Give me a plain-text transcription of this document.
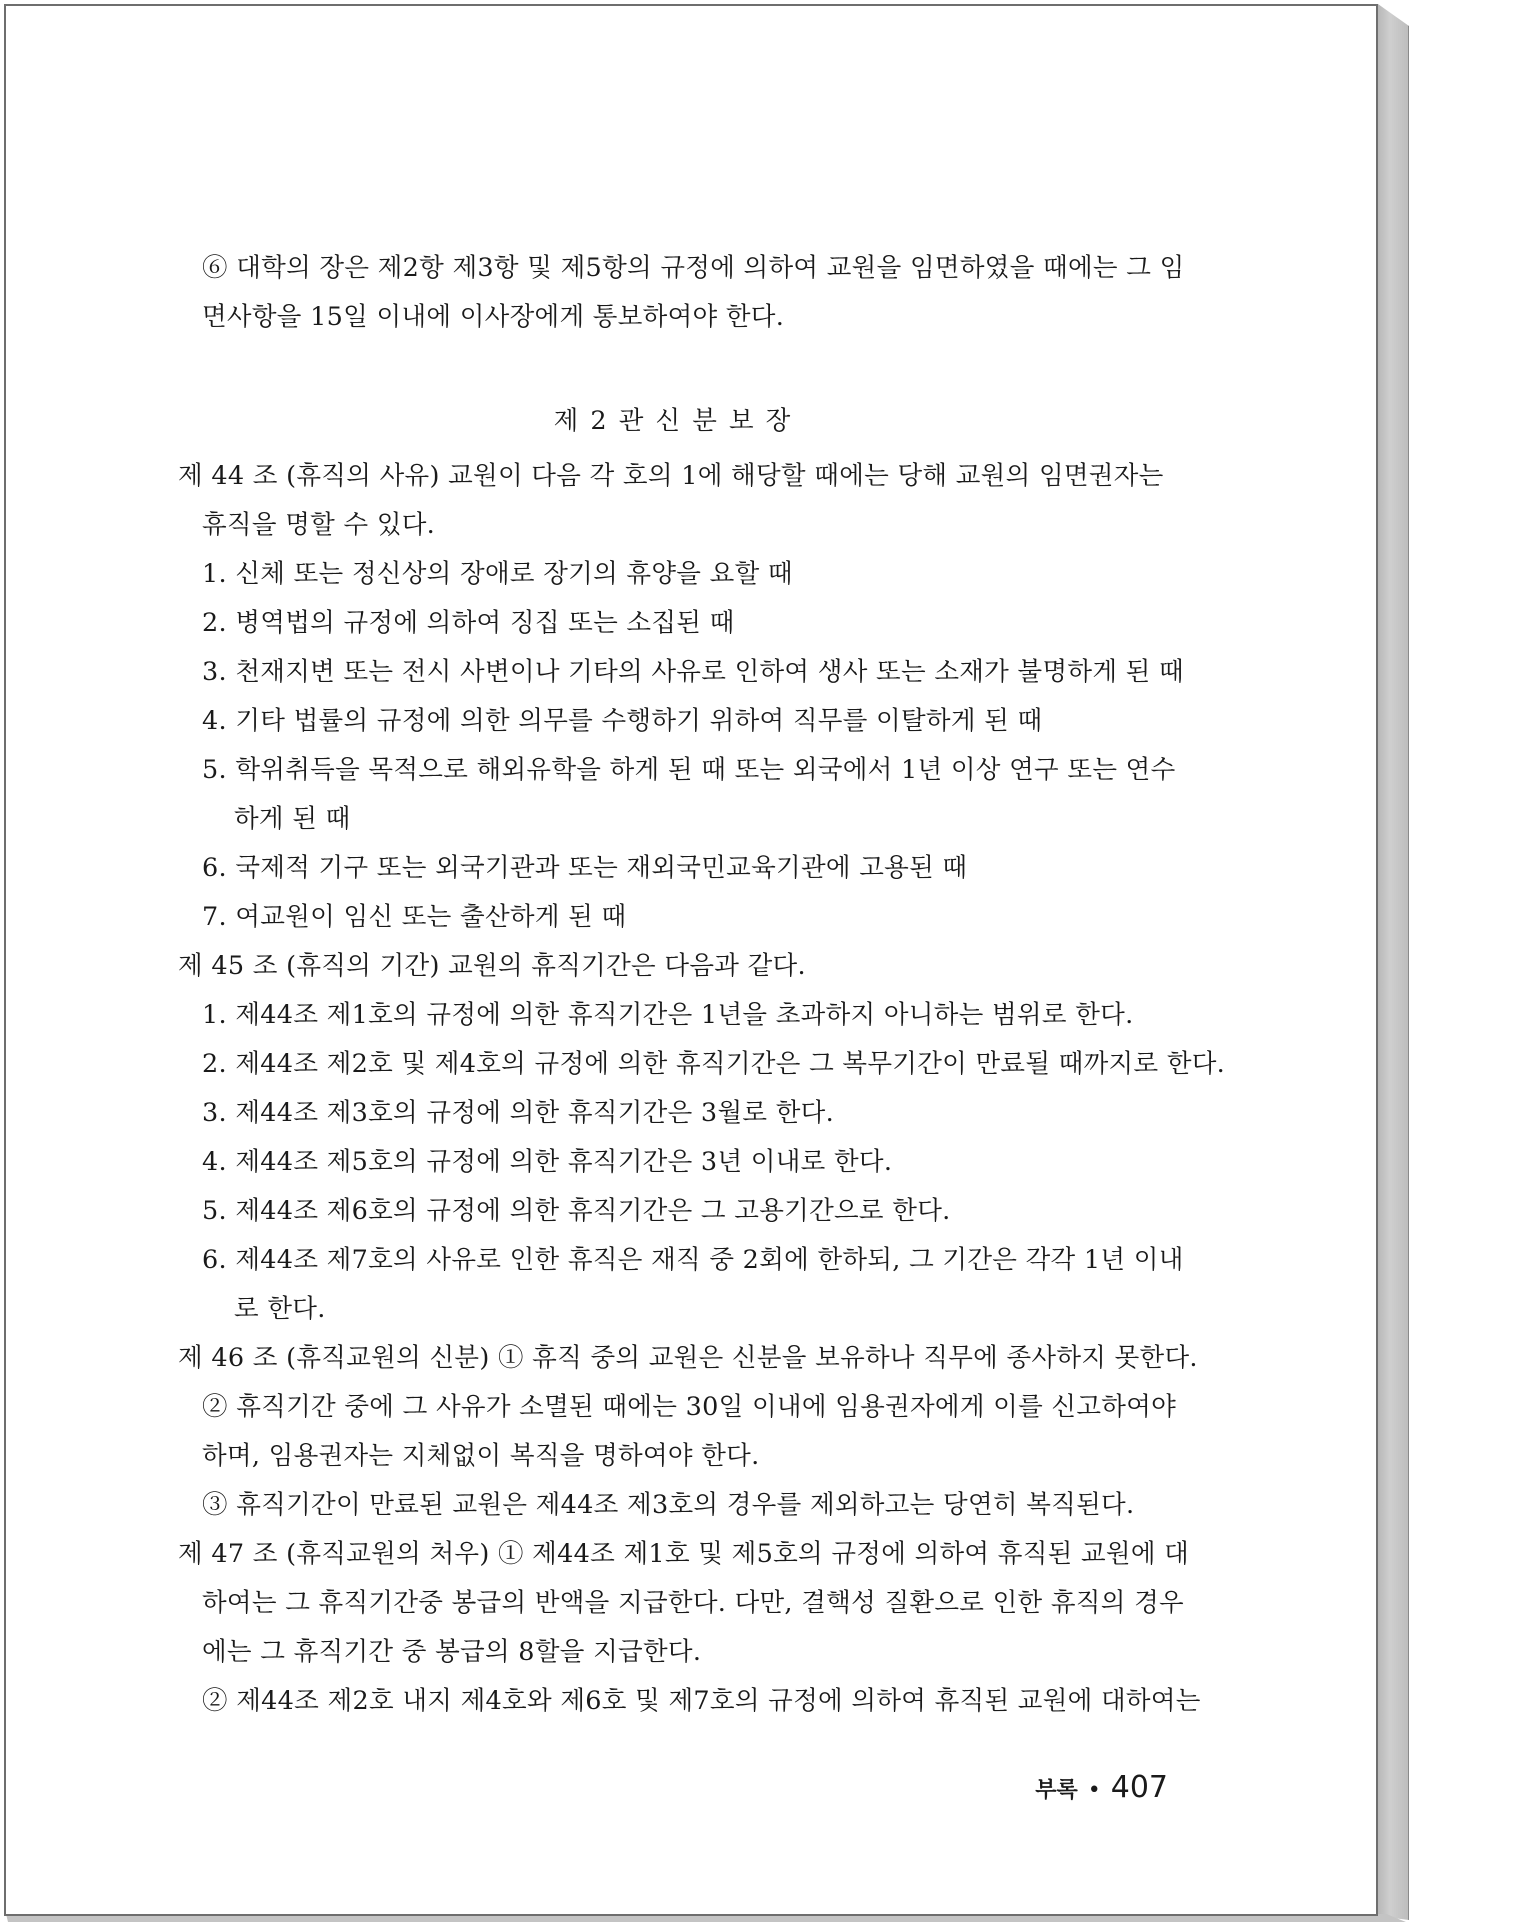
⑥ 대학의 장은 제2항 제3항 및 제5항의 규정에 의하여 교원을 임면하였을 때에는 그 임
면사항을 15일 이내에 이사장에게 통보하여야 한다.
제 2 관 신 분 보 장
제 44 조 (휴직의 사유) 교원이 다음 각 호의 1에 해당할 때에는 당해 교원의 임면권자는
휴직을 명할 수 있다.
1. 신체 또는 정신상의 장애로 장기의 휴양을 요할 때
2. 병역법의 규정에 의하여 징집 또는 소집된 때
3. 천재지변 또는 전시 사변이나 기타의 사유로 인하여 생사 또는 소재가 불명하게 된 때
4. 기타 법률의 규정에 의한 의무를 수행하기 위하여 직무를 이탈하게 된 때
5. 학위취득을 목적으로 해외유학을 하게 된 때 또는 외국에서 1년 이상 연구 또는 연수
하게 된 때
6. 국제적 기구 또는 외국기관과 또는 재외국민교육기관에 고용된 때
7. 여교원이 임신 또는 출산하게 된 때
제 45 조 (휴직의 기간) 교원의 휴직기간은 다음과 같다.
1. 제44조 제1호의 규정에 의한 휴직기간은 1년을 초과하지 아니하는 범위로 한다.
2. 제44조 제2호 및 제4호의 규정에 의한 휴직기간은 그 복무기간이 만료될 때까지로 한다.
3. 제44조 제3호의 규정에 의한 휴직기간은 3월로 한다.
4. 제44조 제5호의 규정에 의한 휴직기간은 3년 이내로 한다.
5. 제44조 제6호의 규정에 의한 휴직기간은 그 고용기간으로 한다.
6. 제44조 제7호의 사유로 인한 휴직은 재직 중 2회에 한하되, 그 기간은 각각 1년 이내
로 한다.
제 46 조 (휴직교원의 신분) ① 휴직 중의 교원은 신분을 보유하나 직무에 종사하지 못한다.
② 휴직기간 중에 그 사유가 소멸된 때에는 30일 이내에 임용권자에게 이를 신고하여야
하며, 임용권자는 지체없이 복직을 명하여야 한다.
③ 휴직기간이 만료된 교원은 제44조 제3호의 경우를 제외하고는 당연히 복직된다.
제 47 조 (휴직교원의 처우) ① 제44조 제1호 및 제5호의 규정에 의하여 휴직된 교원에 대
하여는 그 휴직기간중 봉급의 반액을 지급한다. 다만, 결핵성 질환으로 인한 휴직의 경우
에는 그 휴직기간 중 봉급의 8할을 지급한다.
② 제44조 제2호 내지 제4호와 제6호 및 제7호의 규정에 의하여 휴직된 교원에 대하여는
부록 • 407
